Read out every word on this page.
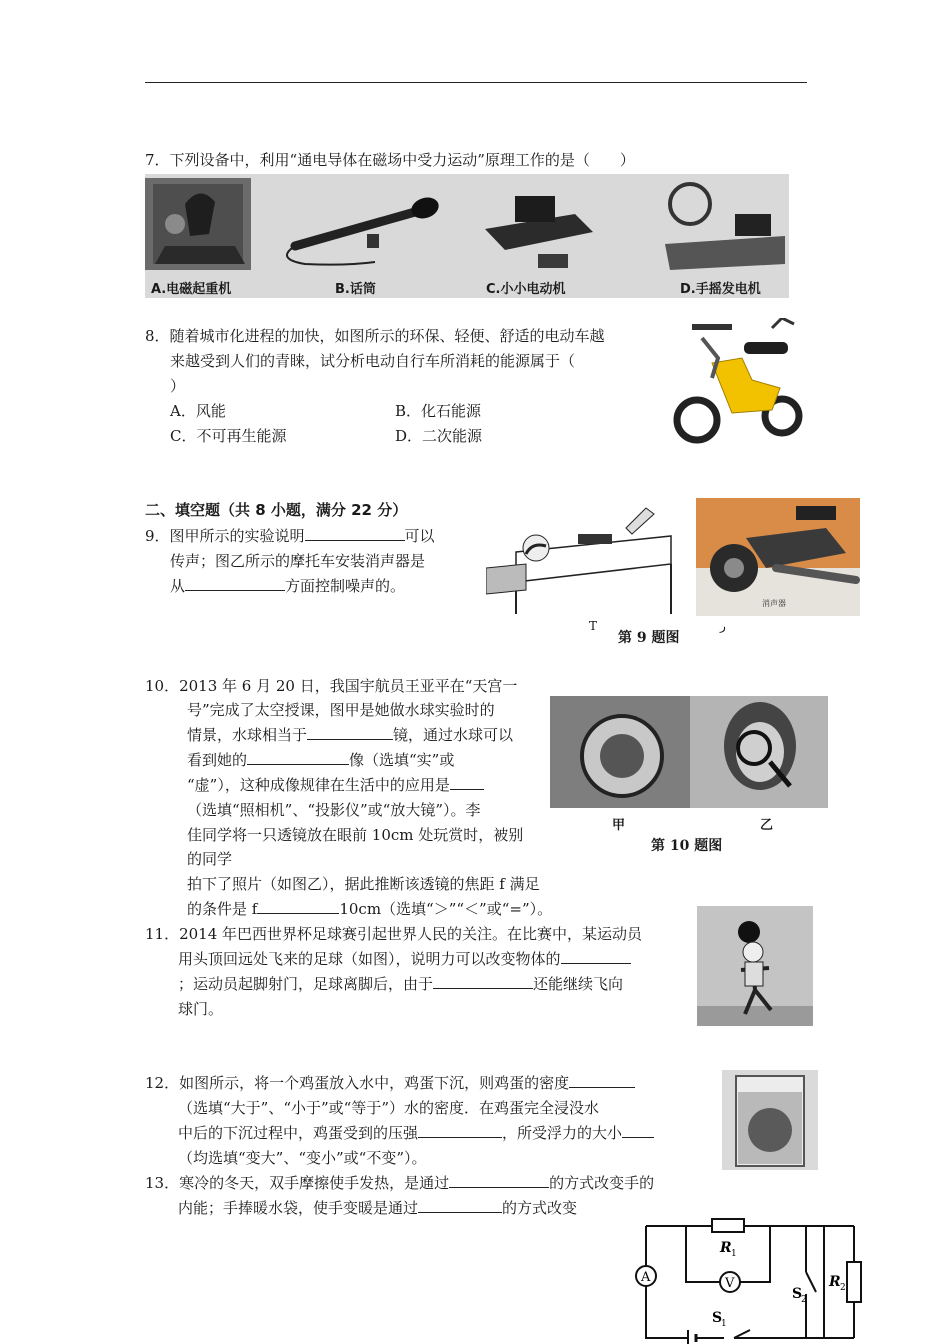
7．下列设备中，利用“通电导体在磁场中受力运动”原理工作的是（　　）
A.电磁起重机	B.话筒	C.小小电动机	D.手摇发电机
8．随着城市化进程的加快，如图所示的环保、轻便、舒适的电动车越
来越受到人们的青睐，试分析电动自行车所消耗的能源属于（
）
A．风能	B．化石能源
C．不可再生能源	D．二次能源
二、填空题（共 8 小题，满分 22 分）
9．图甲所示的实验说明	可以
传声；图乙所示的摩托车安装消声器是
从	方面控制噪声的。
消声器
T	ر
第 9 题图
10．2013 年 6 月 20 日，我国宇航员王亚平在“天宫一
号”完成了太空授课，图甲是她做水球实验时的
情景，水球相当于	镜，通过水球可以
看到她的	像（选填“实”或
“虚”），这种成像规律在生活中的应用是
（选填“照相机”、“投影仪”或“放大镜”）。李
佳同学将一只透镜放在眼前 10cm 处玩赏时，被别
的同学
拍下了照片（如图乙），据此推断该透镜的焦距 f 满足
的条件是 f	10cm（选填“＞”“＜”或“=”）。
甲	乙
第 10 题图
11．2014 年巴西世界杯足球赛引起世界人民的关注。在比赛中，某运动员
用头顶回远处飞来的足球（如图），说明力可以改变物体的
；运动员起脚射门，足球离脚后，由于	还能继续飞向
球门。
12．如图所示，将一个鸡蛋放入水中，鸡蛋下沉，则鸡蛋的密度
（选填“大于”、“小于”或“等于”）水的密度．在鸡蛋完全浸没水
中后的下沉过程中，鸡蛋受到的压强	，所受浮力的大小
（均选填“变大”、“变小”或“不变”）。
13．寒冷的冬天，双手摩擦使手发热，是通过	的方式改变手的
内能；手捧暖水袋，使手变暖是通过	的方式改变
A	V
R 1
R 2
S
2
S
1
